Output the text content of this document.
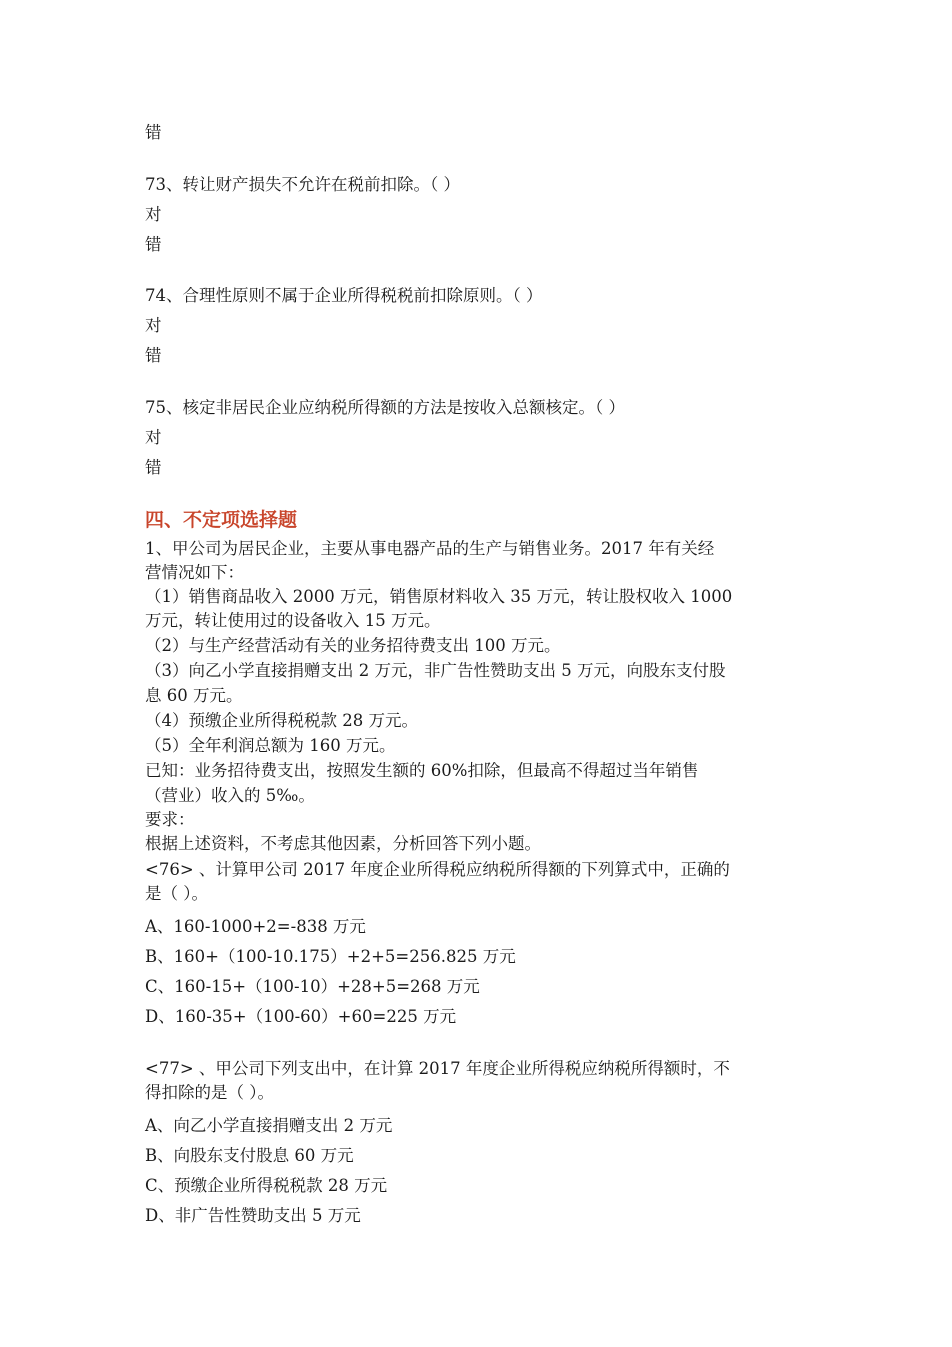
错
73、转让财产损失不允许在税前扣除。（ ）
对
错
74、合理性原则不属于企业所得税税前扣除原则。（ ）
对
错
75、核定非居民企业应纳税所得额的方法是按收入总额核定。（ ）
对
错
四、不定项选择题
1、甲公司为居民企业，主要从事电器产品的生产与销售业务。2017 年有关经
营情况如下：
（1）销售商品收入 2000 万元，销售原材料收入 35 万元，转让股权收入 1000
万元，转让使用过的设备收入 15 万元。
（2）与生产经营活动有关的业务招待费支出 100 万元。
（3）向乙小学直接捐赠支出 2 万元，非广告性赞助支出 5 万元，向股东支付股
息 60 万元。
（4）预缴企业所得税税款 28 万元。
（5）全年利润总额为 160 万元。
已知：业务招待费支出，按照发生额的 60%扣除，但最高不得超过当年销售
（营业）收入的 5‰。
要求：
根据上述资料，不考虑其他因素，分析回答下列小题。
<76> 、计算甲公司 2017 年度企业所得税应纳税所得额的下列算式中，正确的
是（ ）。
A、160-1000+2=-838 万元
B、160+（100-10.175）+2+5=256.825 万元
C、160-15+（100-10）+28+5=268 万元
D、160-35+（100-60）+60=225 万元
<77> 、甲公司下列支出中，在计算 2017 年度企业所得税应纳税所得额时，不
得扣除的是（ ）。
A、向乙小学直接捐赠支出 2 万元
B、向股东支付股息 60 万元
C、预缴企业所得税税款 28 万元
D、非广告性赞助支出 5 万元
